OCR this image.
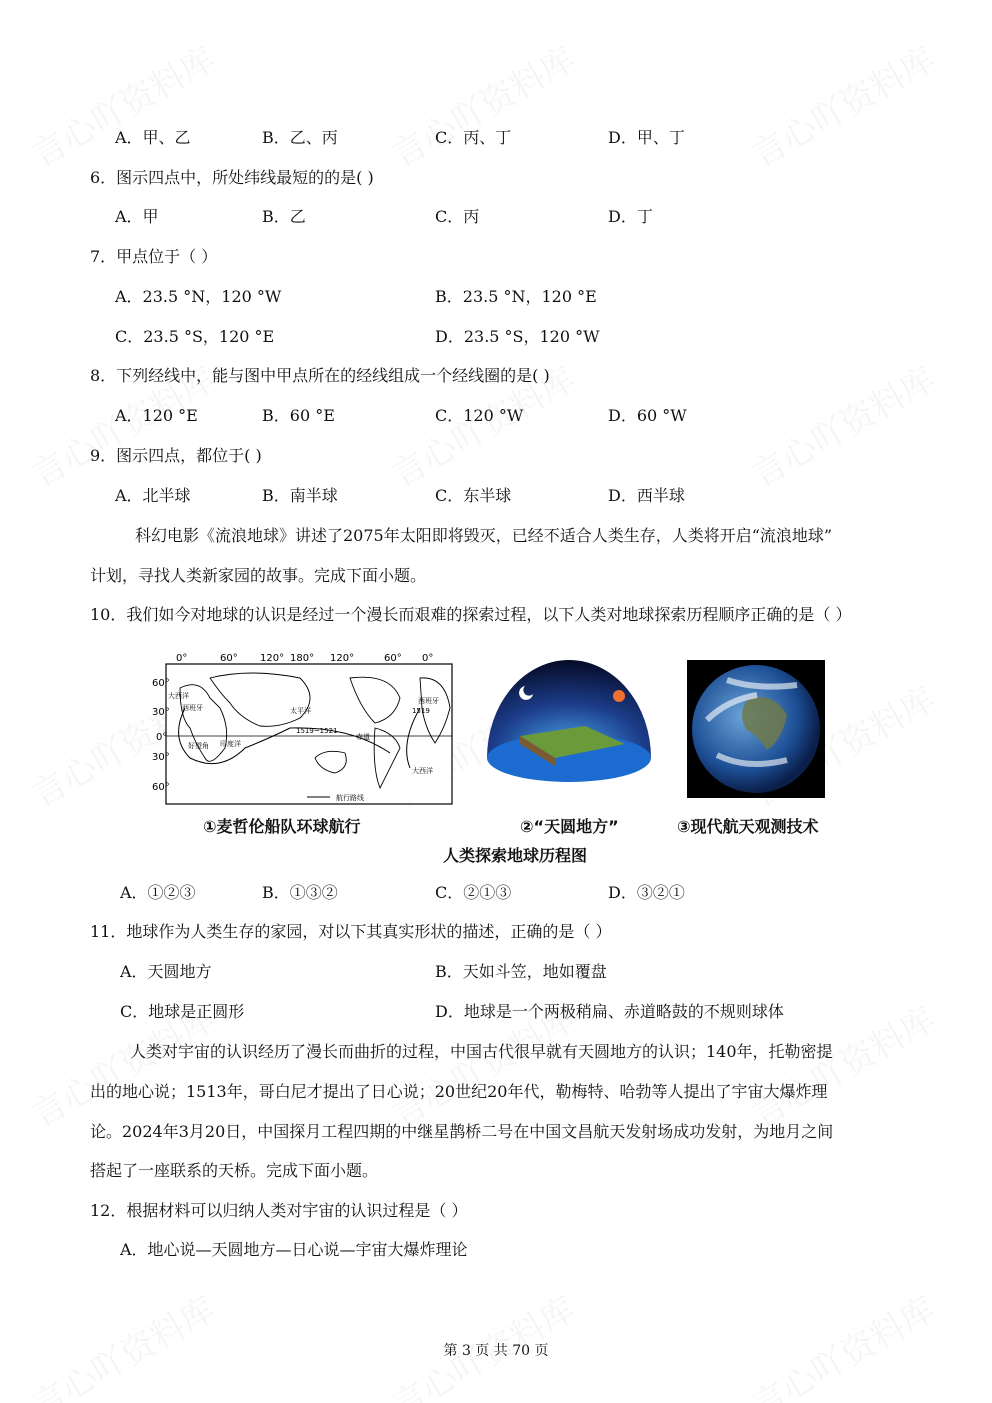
A．甲、乙	B．乙、丙	C．丙、丁	D．甲、丁
6．图示四点中，所处纬线最短的的是( )
A．甲	B．乙	C．丙	D．丁
7．甲点位于（ ）
A．23.5 °N，120 °W	B．23.5 °N，120 °E
C．23.5 °S，120 °E	D．23.5 °S，120 °W
8．下列经线中，能与图中甲点所在的经线组成一个经线圈的是( )
A．120 °E	B．60 °E	C．120 °W	D．60 °W
9．图示四点，都位于( )
A．北半球	B．南半球	C．东半球	D．西半球
科幻电影《流浪地球》讲述了2075年太阳即将毁灭，已经不适合人类生存，人类将开启“流浪地球”
计划，寻找人类新家园的故事。完成下面小题。
10．我们如今对地球的认识是经过一个漫长而艰难的探索过程，以下人类对地球探索历程顺序正确的是（ ）
0°	60° 120° 180° 120°	60° 0°
60°
30°
0°
30°
60°
大西洋
西班牙	太平洋
印度洋
好望角
赤道
大西洋
西班牙
1519
1519~1521
航行路线
①麦哲伦船队环球航行	②“天圆地方”	③现代航天观测技术
人类探索地球历程图
A．①②③	B．①③②	C．②①③	D．③②①
11．地球作为人类生存的家园，对以下其真实形状的描述，正确的是（ ）
A．天圆地方	B．天如斗笠，地如覆盘
C．地球是正圆形	D．地球是一个两极稍扁、赤道略鼓的不规则球体
人类对宇宙的认识经历了漫长而曲折的过程，中国古代很早就有天圆地方的认识；140年，托勒密提
出的地心说；1513年，哥白尼才提出了日心说；20世纪20年代，勒梅特、哈勃等人提出了宇宙大爆炸理
论。2024年3月20日，中国探月工程四期的中继星鹊桥二号在中国文昌航天发射场成功发射，为地月之间
搭起了一座联系的天桥。完成下面小题。
12．根据材料可以归纳人类对宇宙的认识过程是（ ）
A．地心说—天圆地方—日心说—宇宙大爆炸理论
第 3 页 共 70 页
